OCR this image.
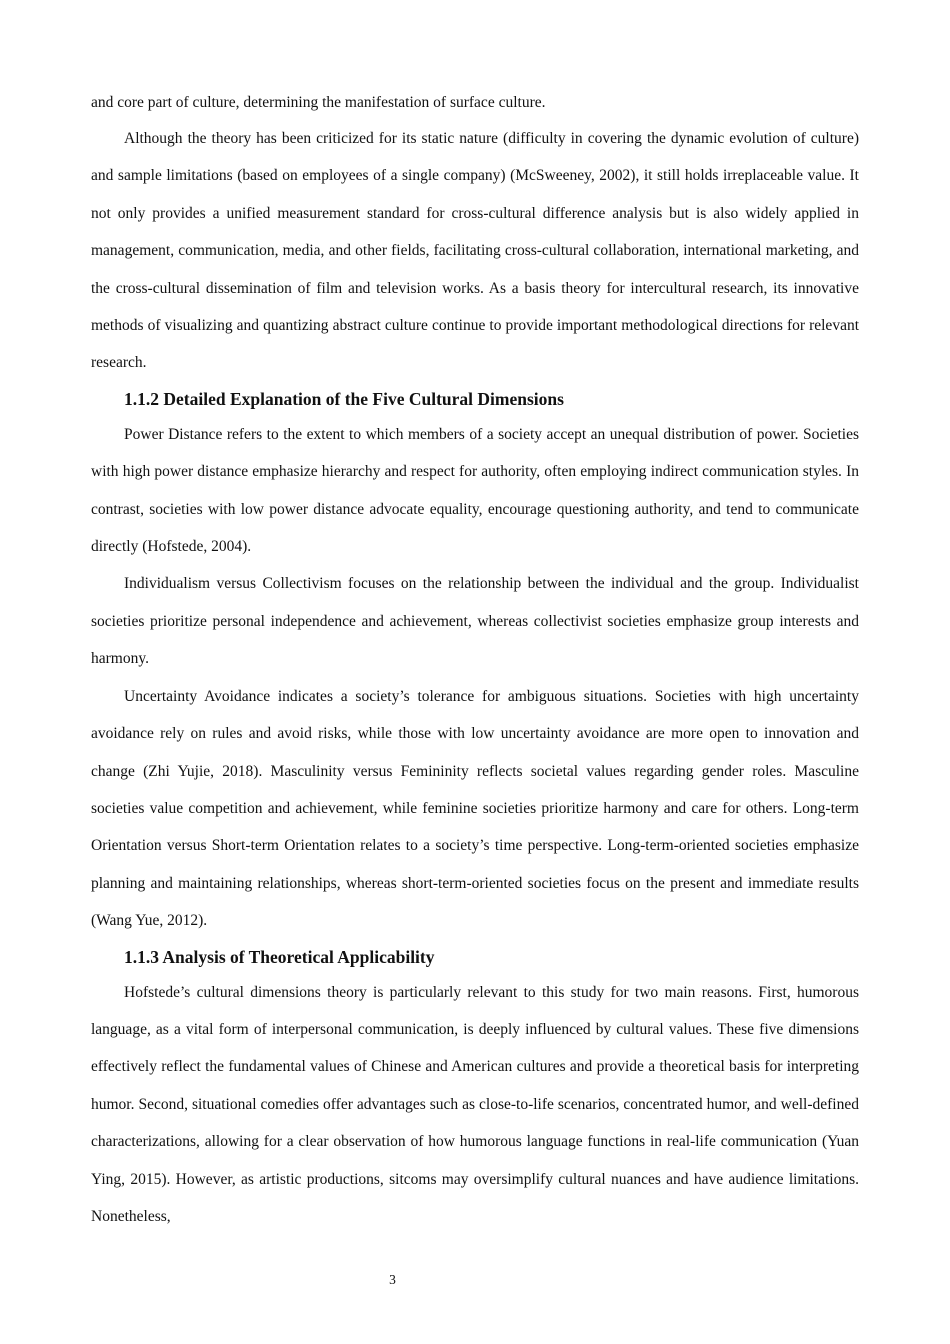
and core part of culture, determining the manifestation of surface culture.

Although the theory has been criticized for its static nature (difficulty in covering the dynamic evolution of culture) and sample limitations (based on employees of a single company) (McSweeney, 2002), it still holds irreplaceable value. It not only provides a unified measurement standard for cross-cultural difference analysis but is also widely applied in management, communication, media, and other fields, facilitating cross-cultural collaboration, international marketing, and the cross-cultural dissemination of film and television works. As a basis theory for intercultural research, its innovative methods of visualizing and quantizing abstract culture continue to provide important methodological directions for relevant research.

1.1.2 Detailed Explanation of the Five Cultural Dimensions

Power Distance refers to the extent to which members of a society accept an unequal distribution of power. Societies with high power distance emphasize hierarchy and respect for authority, often employing indirect communication styles. In contrast, societies with low power distance advocate equality, encourage questioning authority, and tend to communicate directly (Hofstede, 2004).

Individualism versus Collectivism focuses on the relationship between the individual and the group. Individualist societies prioritize personal independence and achievement, whereas collectivist societies emphasize group interests and harmony.

Uncertainty Avoidance indicates a society’s tolerance for ambiguous situations. Societies with high uncertainty avoidance rely on rules and avoid risks, while those with low uncertainty avoidance are more open to innovation and change (Zhi Yujie, 2018). Masculinity versus Femininity reflects societal values regarding gender roles. Masculine societies value competition and achievement, while feminine societies prioritize harmony and care for others. Long-term Orientation versus Short-term Orientation relates to a society’s time perspective. Long-term-oriented societies emphasize planning and maintaining relationships, whereas short-term-oriented societies focus on the present and immediate results (Wang Yue, 2012).

1.1.3 Analysis of Theoretical Applicability

Hofstede’s cultural dimensions theory is particularly relevant to this study for two main reasons. First, humorous language, as a vital form of interpersonal communication, is deeply influenced by cultural values. These five dimensions effectively reflect the fundamental values of Chinese and American cultures and provide a theoretical basis for interpreting humor. Second, situational comedies offer advantages such as close-to-life scenarios, concentrated humor, and well-defined characterizations, allowing for a clear observation of how humorous language functions in real-life communication (Yuan Ying, 2015). However, as artistic productions, sitcoms may oversimplify cultural nuances and have audience limitations. Nonetheless,

3
